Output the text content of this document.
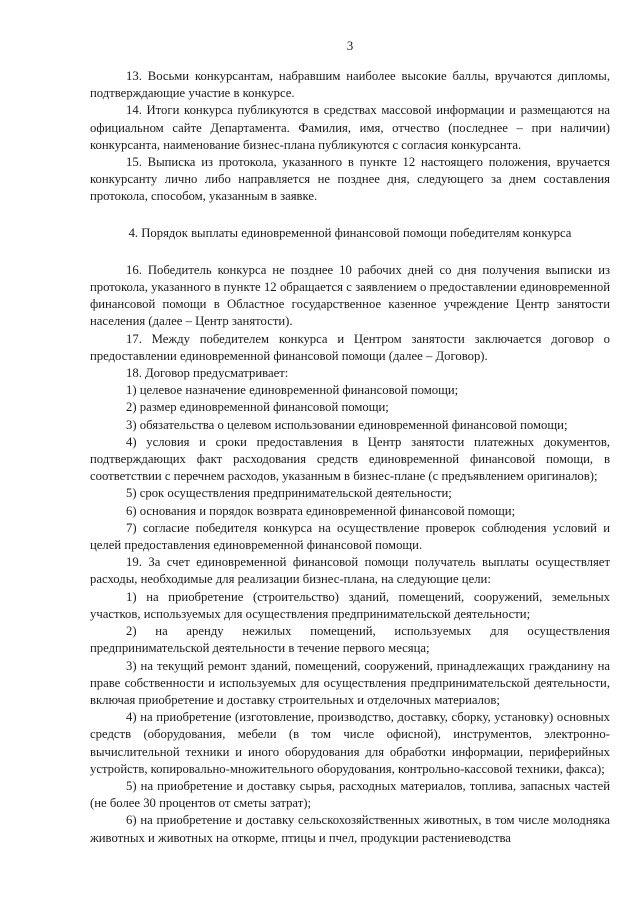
3

13. Восьми конкурсантам, набравшим наиболее высокие баллы, вручаются дипломы, подтверждающие участие в конкурсе.

14. Итоги конкурса публикуются в средствах массовой информации и размещаются на официальном сайте Департамента. Фамилия, имя, отчество (последнее – при наличии) конкурсанта, наименование бизнес-плана публикуются с согласия конкурсанта.

15. Выписка из протокола, указанного в пункте 12 настоящего положения, вручается конкурсанту лично либо направляется не позднее дня, следующего за днем составления протокола, способом, указанным в заявке.

4. Порядок выплаты единовременной финансовой помощи победителям конкурса

16. Победитель конкурса не позднее 10 рабочих дней со дня получения выписки из протокола, указанного в пункте 12 обращается с заявлением о предоставлении единовременной финансовой помощи в Областное государственное казенное учреждение Центр занятости населения (далее – Центр занятости).

17. Между победителем конкурса и Центром занятости заключается договор о предоставлении единовременной финансовой помощи (далее – Договор).

18. Договор предусматривает:

1) целевое назначение единовременной финансовой помощи;

2) размер единовременной финансовой помощи;

3) обязательства о целевом использовании единовременной финансовой помощи;

4) условия и сроки предоставления в Центр занятости платежных документов, подтверждающих факт расходования средств единовременной финансовой помощи, в соответствии с перечнем расходов, указанным в бизнес-плане (с предъявлением оригиналов);

5) срок осуществления предпринимательской деятельности;

6) основания и порядок возврата единовременной финансовой помощи;

7) согласие победителя конкурса на осуществление проверок соблюдения условий и целей предоставления единовременной финансовой помощи.

19. За счет единовременной финансовой помощи получатель выплаты осуществляет расходы, необходимые для реализации бизнес-плана, на следующие цели:

1) на приобретение (строительство) зданий, помещений, сооружений, земельных участков, используемых для осуществления предпринимательской деятельности;

2) на аренду нежилых помещений, используемых для осуществления предпринимательской деятельности в течение первого месяца;

3) на текущий ремонт зданий, помещений, сооружений, принадлежащих гражданину на праве собственности и используемых для осуществления предпринимательской деятельности, включая приобретение и доставку строительных и отделочных материалов;

4) на приобретение (изготовление, производство, доставку, сборку, установку) основных средств (оборудования, мебели (в том числе офисной), инструментов, электронно-вычислительной техники и иного оборудования для обработки информации, периферийных устройств, копировально-множительного оборудования, контрольно-кассовой техники, факса);

5) на приобретение и доставку сырья, расходных материалов, топлива, запасных частей (не более 30 процентов от сметы затрат);

6) на приобретение и доставку сельскохозяйственных животных, в том числе молодняка животных и животных на откорме, птицы и пчел, продукции растениеводства
